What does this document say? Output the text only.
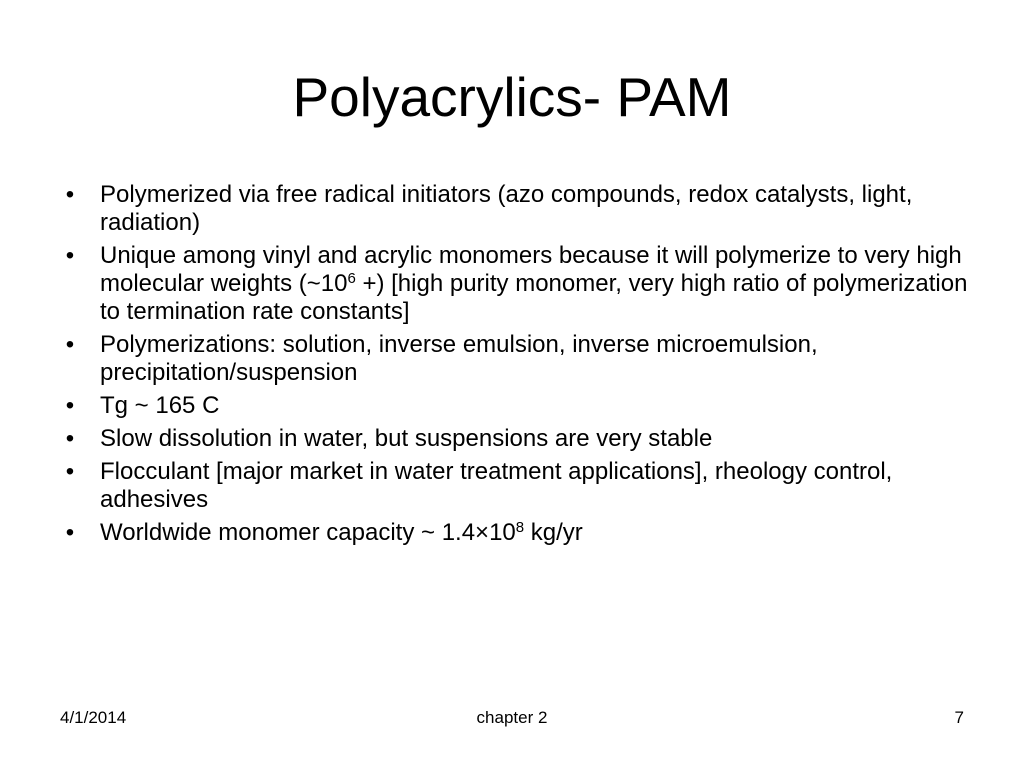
Polyacrylics- PAM
• Polymerized via free radical initiators (azo compounds, redox catalysts, light, radiation)
• Unique among vinyl and acrylic monomers because it will polymerize to very high molecular weights ($\sim 10^6$ +) [high purity monomer, very high ratio of polymerization to termination rate constants]
• Polymerizations: solution, inverse emulsion, inverse microemulsion, precipitation/suspension
• Tg ~ 165 C
• Slow dissolution in water, but suspensions are very stable
• Flocculant [major market in water treatment applications], rheology control, adhesives
• Worldwide monomer capacity ~ $1.4\times 10^8$ kg/yr
4/1/2014	chapter 2	7
